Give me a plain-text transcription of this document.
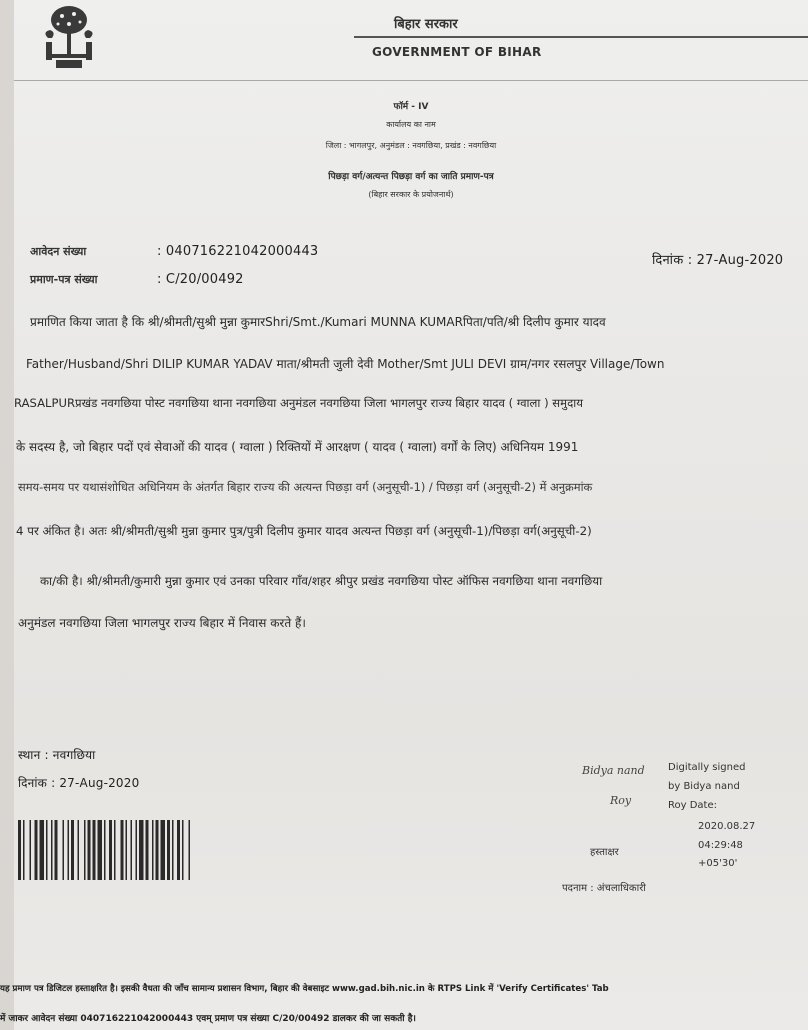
बिहार सरकार
GOVERNMENT OF BIHAR
फॉर्म - IV
कार्यालय का नाम
जिला : भागलपुर, अनुमंडल : नवगछिया, प्रखंड : नवगछिया
पिछड़ा वर्ग/अत्यन्त पिछड़ा वर्ग का जाति प्रमाण-पत्र
(बिहार सरकार के प्रयोजनार्थ)
आवेदन संख्या	: 040716221042000443
प्रमाण-पत्र संख्या	: C/20/00492
दिनांक : 27-Aug-2020
प्रमाणित किया जाता है कि श्री/श्रीमती/सुश्री मुन्ना कुमारShri/Smt./Kumari MUNNA KUMARपिता/पति/श्री दिलीप कुमार यादव
Father/Husband/Shri DILIP KUMAR YADAV माता/श्रीमती जुली देवी Mother/Smt JULI DEVI ग्राम/नगर रसलपुर Village/Town
RASALPURप्रखंड नवगछिया पोस्ट नवगछिया थाना नवगछिया अनुमंडल नवगछिया जिला भागलपुर राज्य बिहार यादव ( ग्वाला ) समुदाय
के सदस्य है, जो बिहार पदों एवं सेवाओं की यादव ( ग्वाला ) रिक्तियों में आरक्षण ( यादव ( ग्वाला) वर्गों के लिए) अधिनियम 1991
समय-समय पर यथासंशोधित अधिनियम के अंतर्गत बिहार राज्य की अत्यन्त पिछड़ा वर्ग (अनुसूची-1) / पिछड़ा वर्ग (अनुसूची-2) में अनुक्रमांक
4 पर अंकित है। अतः श्री/श्रीमती/सुश्री मुन्ना कुमार पुत्र/पुत्री दिलीप कुमार यादव अत्यन्त पिछड़ा वर्ग (अनुसूची-1)/पिछड़ा वर्ग(अनुसूची-2)
का/की है। श्री/श्रीमती/कुमारी मुन्ना कुमार एवं उनका परिवार गाँव/शहर श्रीपुर प्रखंड नवगछिया पोस्ट ऑफिस नवगछिया थाना नवगछिया
अनुमंडल नवगछिया जिला भागलपुर राज्य बिहार में निवास करते हैं।
स्थान : नवगछिया
दिनांक : 27-Aug-2020
Bidya nand
Roy
Digitally signed
by Bidya nand
Roy Date:
2020.08.27
04:29:48
+05'30'
हस्ताक्षर
पदनाम : अंचलाधिकारी
यह प्रमाण पत्र डिजिटल हस्ताक्षरित है। इसकी वैधता की जाँच सामान्य प्रशासन विभाग, बिहार की वेबसाइट www.gad.bih.nic.in के RTPS Link में 'Verify Certificates' Tab
में जाकर आवेदन संख्या 040716221042000443 एवम् प्रमाण पत्र संख्या C/20/00492 डालकर की जा सकती है।
